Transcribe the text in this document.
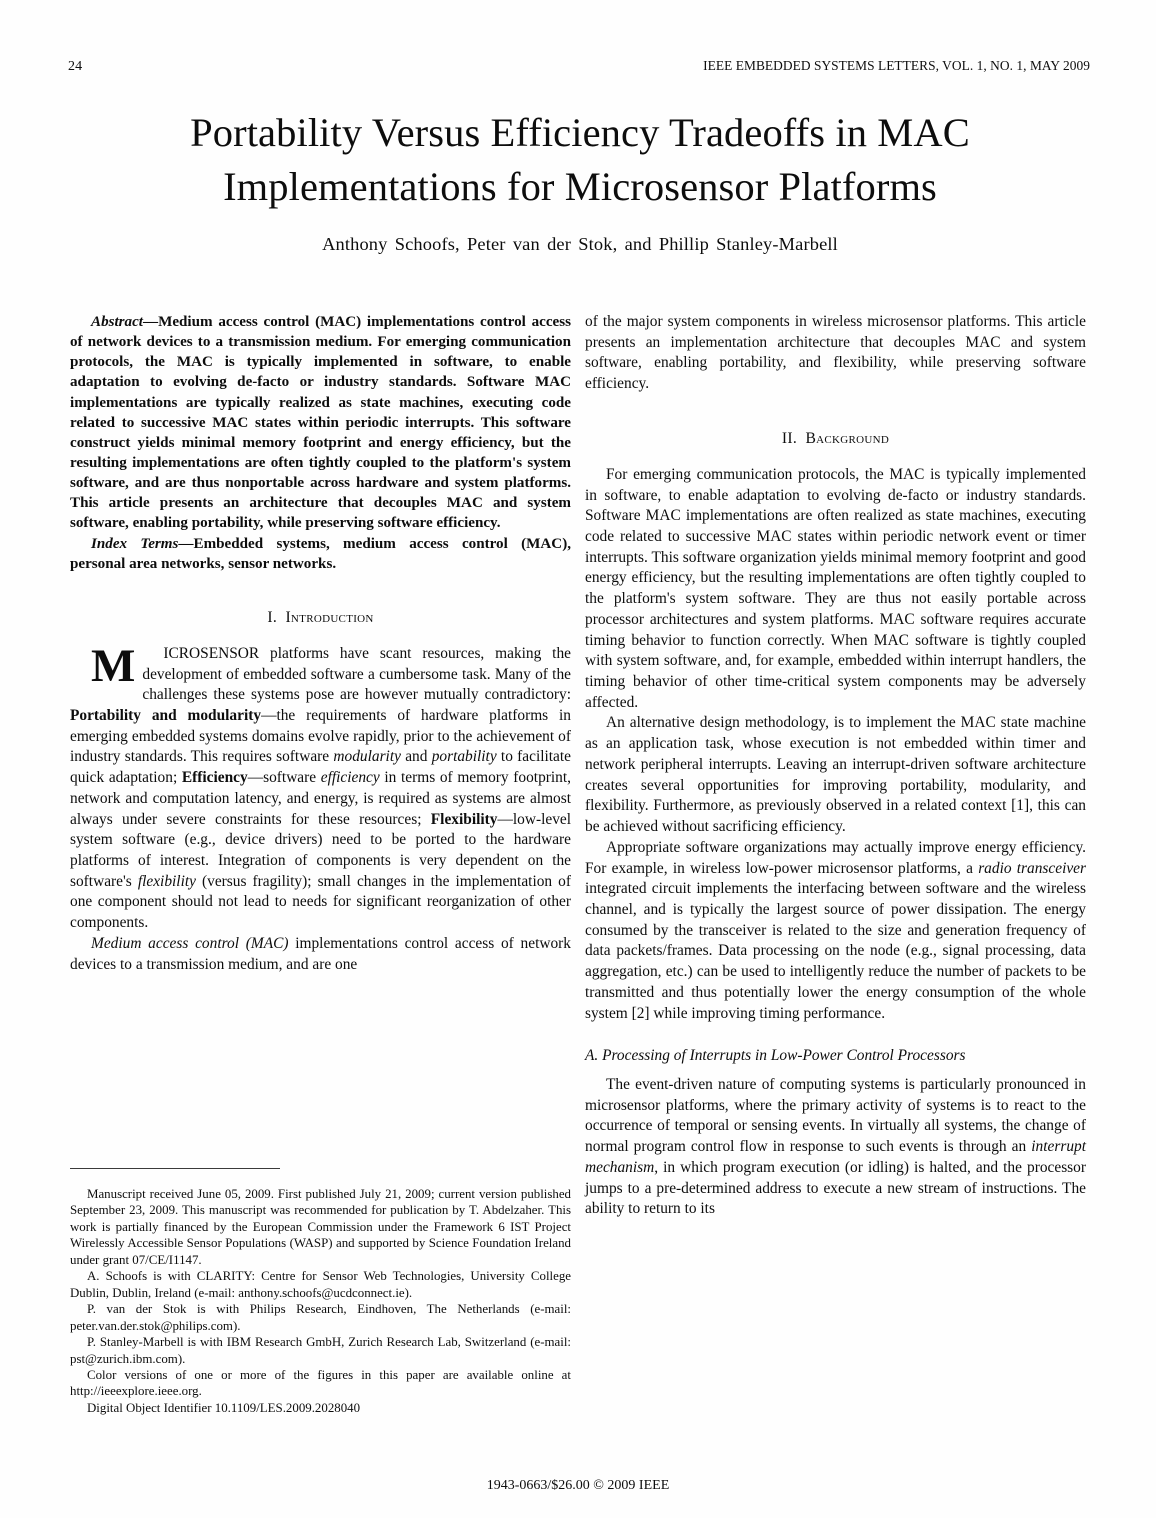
24	IEEE EMBEDDED SYSTEMS LETTERS, VOL. 1, NO. 1, MAY 2009
Portability Versus Efficiency Tradeoffs in MAC Implementations for Microsensor Platforms
Anthony Schoofs, Peter van der Stok, and Phillip Stanley-Marbell

Abstract—Medium access control (MAC) implementations control access of network devices to a transmission medium. For emerging communication protocols, the MAC is typically implemented in software, to enable adaptation to evolving de-facto or industry standards. Software MAC implementations are typically realized as state machines, executing code related to successive MAC states within periodic interrupts. This software construct yields minimal memory footprint and energy efficiency, but the resulting implementations are often tightly coupled to the platform's system software, and are thus nonportable across hardware and system platforms. This article presents an architecture that decouples MAC and system software, enabling portability, while preserving software efficiency.

Index Terms—Embedded systems, medium access control (MAC), personal area networks, sensor networks.

I. Introduction

M	ICROSENSOR platforms have scant resources, making the development of embedded software a cumbersome task. Many of the challenges these systems pose are however mutually contradictory: Portability and modularity—the requirements of hardware platforms in emerging embedded systems domains evolve rapidly, prior to the achievement of industry standards. This requires software modularity and portability to facilitate quick adaptation; Efficiency—software efficiency in terms of memory footprint, network and computation latency, and energy, is required as systems are almost always under severe constraints for these resources; Flexibility—low-level system software (e.g., device drivers) need to be ported to the hardware platforms of interest. Integration of components is very dependent on the software's flexibility (versus fragility); small changes in the implementation of one component should not lead to needs for significant reorganization of other components.

Medium access control (MAC) implementations control access of network devices to a transmission medium, and are one

of the major system components in wireless microsensor platforms. This article presents an implementation architecture that decouples MAC and system software, enabling portability, and flexibility, while preserving software efficiency.

II. Background

For emerging communication protocols, the MAC is typically implemented in software, to enable adaptation to evolving de-facto or industry standards. Software MAC implementations are often realized as state machines, executing code related to successive MAC states within periodic network event or timer interrupts. This software organization yields minimal memory footprint and good energy efficiency, but the resulting implementations are often tightly coupled to the platform's system software. They are thus not easily portable across processor architectures and system platforms. MAC software requires accurate timing behavior to function correctly. When MAC software is tightly coupled with system software, and, for example, embedded within interrupt handlers, the timing behavior of other time-critical system components may be adversely affected.

An alternative design methodology, is to implement the MAC state machine as an application task, whose execution is not embedded within timer and network peripheral interrupts. Leaving an interrupt-driven software architecture creates several opportunities for improving portability, modularity, and flexibility. Furthermore, as previously observed in a related context [1], this can be achieved without sacrificing efficiency.

Appropriate software organizations may actually improve energy efficiency. For example, in wireless low-power microsensor platforms, a radio transceiver integrated circuit implements the interfacing between software and the wireless channel, and is typically the largest source of power dissipation. The energy consumed by the transceiver is related to the size and generation frequency of data packets/frames. Data processing on the node (e.g., signal processing, data aggregation, etc.) can be used to intelligently reduce the number of packets to be transmitted and thus potentially lower the energy consumption of the whole system [2] while improving timing performance.

A. Processing of Interrupts in Low-Power Control Processors

The event-driven nature of computing systems is particularly pronounced in microsensor platforms, where the primary activity of systems is to react to the occurrence of temporal or sensing events. In virtually all systems, the change of normal program control flow in response to such events is through an interrupt mechanism, in which program execution (or idling) is halted, and the processor jumps to a pre-determined address to execute a new stream of instructions. The ability to return to its

Manuscript received June 05, 2009. First published July 21, 2009; current version published September 23, 2009. This manuscript was recommended for publication by T. Abdelzaher. This work is partially financed by the European Commission under the Framework 6 IST Project Wirelessly Accessible Sensor Populations (WASP) and supported by Science Foundation Ireland under grant 07/CE/I1147.

A. Schoofs is with CLARITY: Centre for Sensor Web Technologies, University College Dublin, Dublin, Ireland (e-mail: anthony.schoofs@ucdconnect.ie).

P. van der Stok is with Philips Research, Eindhoven, The Netherlands (e-mail: peter.van.der.stok@philips.com).

P. Stanley-Marbell is with IBM Research GmbH, Zurich Research Lab, Switzerland (e-mail: pst@zurich.ibm.com).

Color versions of one or more of the figures in this paper are available online at http://ieeexplore.ieee.org.

Digital Object Identifier 10.1109/LES.2009.2028040

1943-0663/$26.00 © 2009 IEEE
